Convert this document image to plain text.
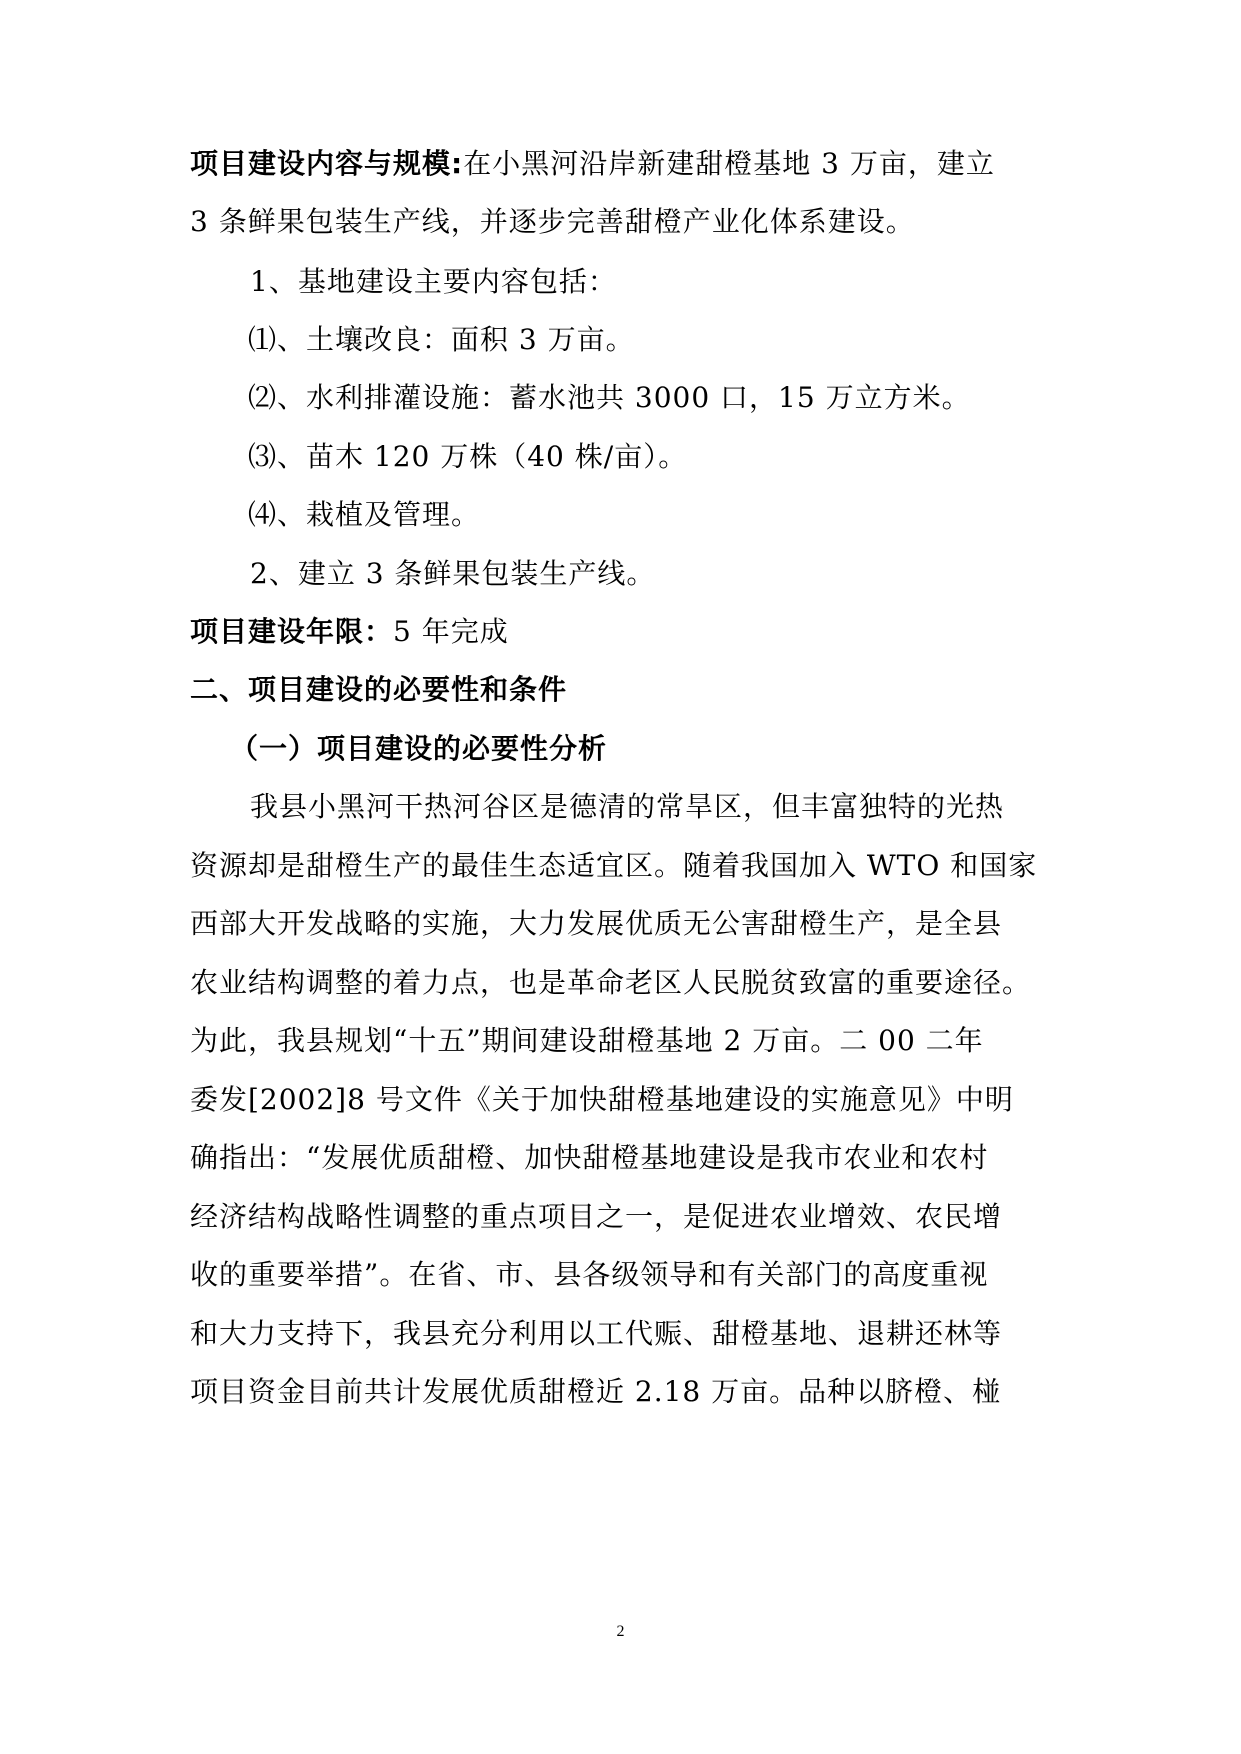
项目建设内容与规模:在小黑河沿岸新建甜橙基地 3 万亩，建立
3 条鲜果包装生产线，并逐步完善甜橙产业化体系建设。
1、基地建设主要内容包括：
⑴、土壤改良：面积 3 万亩。
⑵、水利排灌设施：蓄水池共 3000 口，15 万立方米。
⑶、苗木 120 万株（40 株/亩）。
⑷、栽植及管理。
2、建立 3 条鲜果包装生产线。
项目建设年限：5 年完成
二、项目建设的必要性和条件
（一）项目建设的必要性分析
我县小黑河干热河谷区是德清的常旱区，但丰富独特的光热
资源却是甜橙生产的最佳生态适宜区。随着我国加入 WTO 和国家
西部大开发战略的实施，大力发展优质无公害甜橙生产，是全县
农业结构调整的着力点，也是革命老区人民脱贫致富的重要途径。
为此，我县规划“十五”期间建设甜橙基地 2 万亩。二 00 二年
委发[2002]8 号文件《关于加快甜橙基地建设的实施意见》中明
确指出：“发展优质甜橙、加快甜橙基地建设是我市农业和农村
经济结构战略性调整的重点项目之一，是促进农业增效、农民增
收的重要举措”。在省、市、县各级领导和有关部门的高度重视
和大力支持下，我县充分利用以工代赈、甜橙基地、退耕还林等
项目资金目前共计发展优质甜橙近 2.18 万亩。品种以脐橙、椪
2
